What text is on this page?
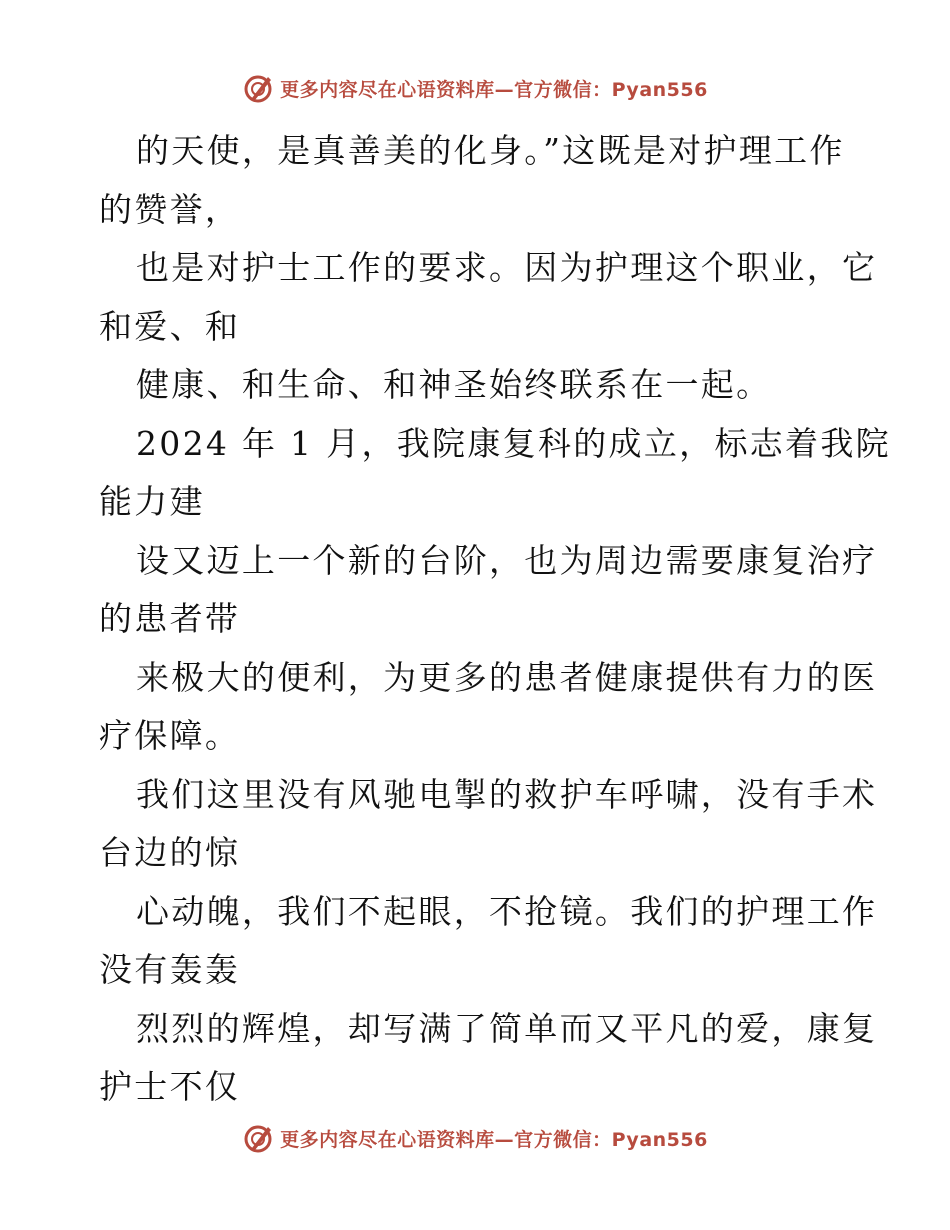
更多内容尽在心语资料库—官方微信：Pyan556

的天使，是真善美的化身。”这既是对护理工作
的赞誉，

也是对护士工作的要求。因为护理这个职业，它
和爱、和

健康、和生命、和神圣始终联系在一起。

2024 年 1 月，我院康复科的成立，标志着我院
能力建

设又迈上一个新的台阶，也为周边需要康复治疗
的患者带

来极大的便利，为更多的患者健康提供有力的医
疗保障。

我们这里没有风驰电掣的救护车呼啸，没有手术
台边的惊

心动魄，我们不起眼，不抢镜。我们的护理工作
没有轰轰

烈烈的辉煌，却写满了简单而又平凡的爱，康复
护士不仅

更多内容尽在心语资料库—官方微信：Pyan556
